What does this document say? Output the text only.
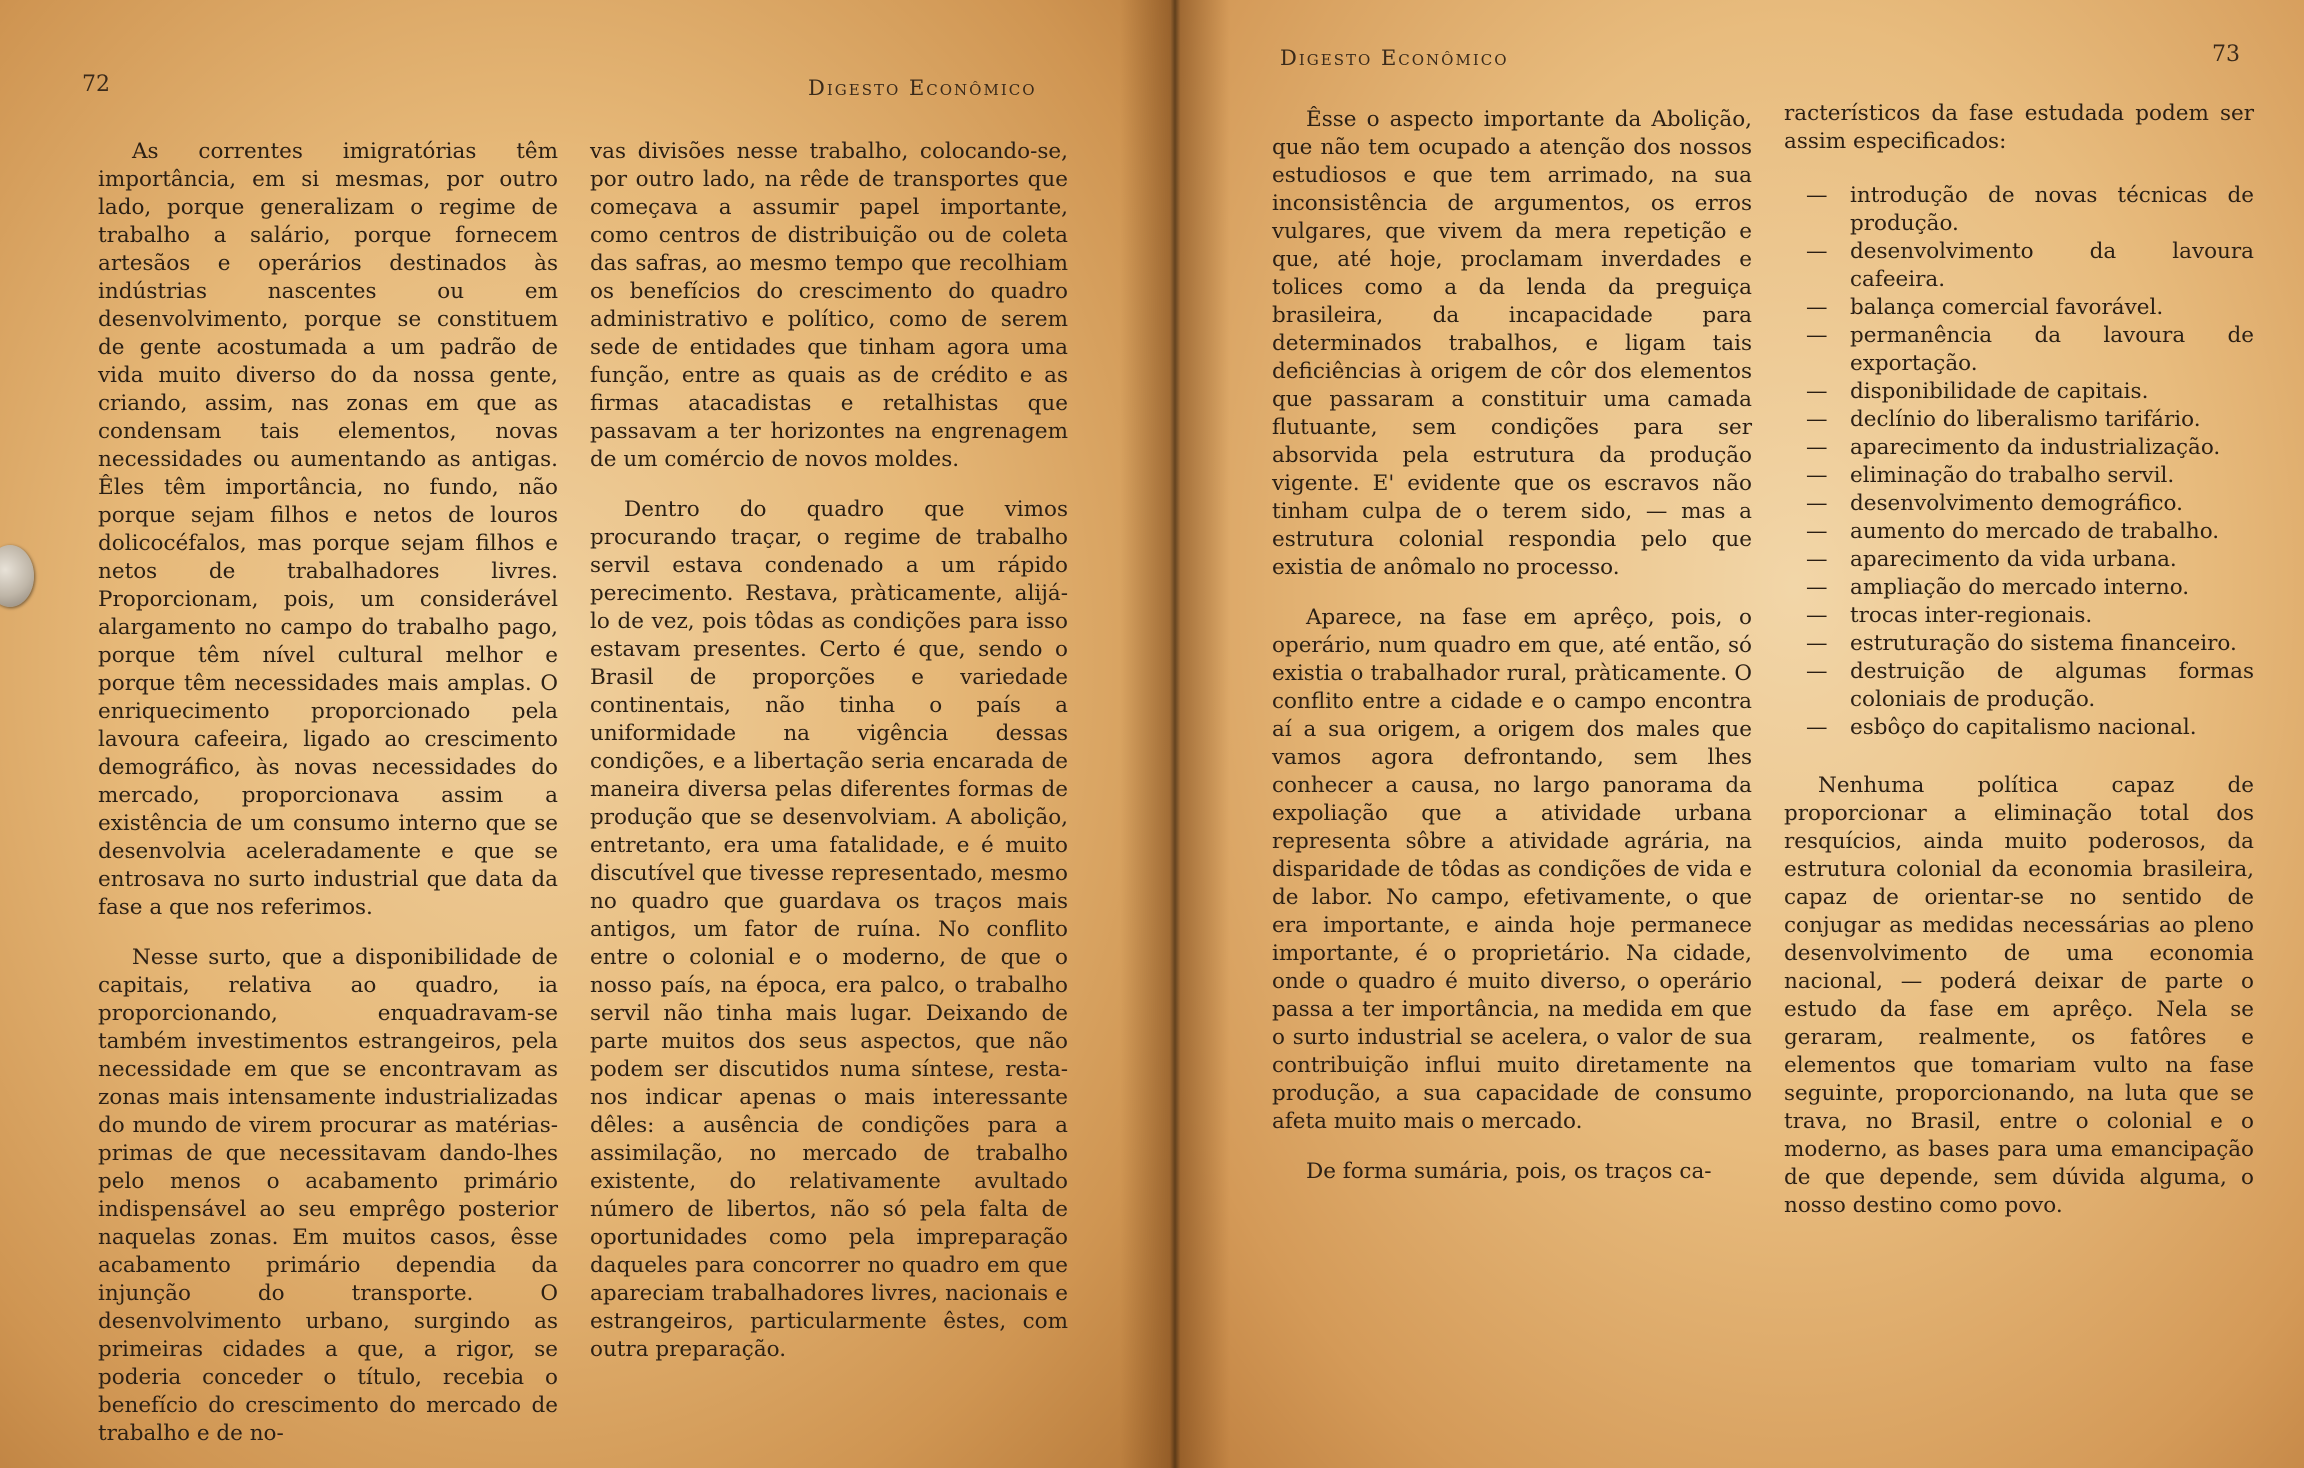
72	Digesto Econômico

As correntes imigratórias têm importância, em si mesmas, por outro lado, porque generalizam o regime de trabalho a salário, porque fornecem artesãos e operários destinados às indústrias nascentes ou em desenvolvimento, porque se constituem de gente acostumada a um padrão de vida muito diverso do da nossa gente, criando, assim, nas zonas em que as condensam tais elementos, novas necessidades ou aumentando as antigas. Êles têm importância, no fundo, não porque sejam filhos e netos de louros dolicocéfalos, mas porque sejam filhos e netos de trabalhadores livres. Proporcionam, pois, um considerável alargamento no campo do trabalho pago, porque têm nível cultural melhor e porque têm necessidades mais amplas. O enriquecimento proporcionado pela lavoura cafeeira, ligado ao crescimento demográfico, às novas necessidades do mercado, proporcionava assim a existência de um consumo interno que se desenvolvia aceleradamente e que se entrosava no surto industrial que data da fase a que nos referimos.

Nesse surto, que a disponibilidade de capitais, relativa ao quadro, ia proporcionando, enquadravam-se também investimentos estrangeiros, pela necessidade em que se encontravam as zonas mais intensamente industrializadas do mundo de virem procurar as matérias-primas de que necessitavam dando-lhes pelo menos o acabamento primário indispensável ao seu emprêgo posterior naquelas zonas. Em muitos casos, êsse acabamento primário dependia da injunção do transporte. O desenvolvimento urbano, surgindo as primeiras cidades a que, a rigor, se poderia conceder o título, recebia o benefício do crescimento do mercado de trabalho e de no-

vas divisões nesse trabalho, colocando-se, por outro lado, na rêde de transportes que começava a assumir papel importante, como centros de distribuição ou de coleta das safras, ao mesmo tempo que recolhiam os benefícios do crescimento do quadro administrativo e político, como de serem sede de entidades que tinham agora uma função, entre as quais as de crédito e as firmas atacadistas e retalhistas que passavam a ter horizontes na engrenagem de um comércio de novos moldes.

Dentro do quadro que vimos procurando traçar, o regime de trabalho servil estava condenado a um rápido perecimento. Restava, pràticamente, alijá-lo de vez, pois tôdas as condições para isso estavam presentes. Certo é que, sendo o Brasil de proporções e variedade continentais, não tinha o país a uniformidade na vigência dessas condições, e a libertação seria encarada de maneira diversa pelas diferentes formas de produção que se desenvolviam. A abolição, entretanto, era uma fatalidade, e é muito discutível que tivesse representado, mesmo no quadro que guardava os traços mais antigos, um fator de ruína. No conflito entre o colonial e o moderno, de que o nosso país, na época, era palco, o trabalho servil não tinha mais lugar. Deixando de parte muitos dos seus aspectos, que não podem ser discutidos numa síntese, resta-nos indicar apenas o mais interessante dêles: a ausência de condições para a assimilação, no mercado de trabalho existente, do relativamente avultado número de libertos, não só pela falta de oportunidades como pela impreparação daqueles para concorrer no quadro em que apareciam trabalhadores livres, nacionais e estrangeiros, particularmente êstes, com outra preparação.

Digesto Econômico	73

Êsse o aspecto importante da Abolição, que não tem ocupado a atenção dos nossos estudiosos e que tem arrimado, na sua inconsistência de argumentos, os erros vulgares, que vivem da mera repetição e que, até hoje, proclamam inverdades e tolices como a da lenda da preguiça brasileira, da incapacidade para determinados trabalhos, e ligam tais deficiências à origem de côr dos elementos que passaram a constituir uma camada flutuante, sem condições para ser absorvida pela estrutura da produção vigente. E' evidente que os escravos não tinham culpa de o terem sido, — mas a estrutura colonial respondia pelo que existia de anômalo no processo.

Aparece, na fase em aprêço, pois, o operário, num quadro em que, até então, só existia o trabalhador rural, pràticamente. O conflito entre a cidade e o campo encontra aí a sua origem, a origem dos males que vamos agora defrontando, sem lhes conhecer a causa, no largo panorama da expoliação que a atividade urbana representa sôbre a atividade agrária, na disparidade de tôdas as condições de vida e de labor. No campo, efetivamente, o que era importante, e ainda hoje permanece importante, é o proprietário. Na cidade, onde o quadro é muito diverso, o operário passa a ter importância, na medida em que o surto industrial se acelera, o valor de sua contribuição influi muito diretamente na produção, a sua capacidade de consumo afeta muito mais o mercado.

De forma sumária, pois, os traços ca-

racterísticos da fase estudada podem ser assim especificados:

— introdução de novas técnicas de produção.
— desenvolvimento da lavoura cafeeira.
— balança comercial favorável.
— permanência da lavoura de exportação.
— disponibilidade de capitais.
— declínio do liberalismo tarifário.
— aparecimento da industrialização.
— eliminação do trabalho servil.
— desenvolvimento demográfico.
— aumento do mercado de trabalho.
— aparecimento da vida urbana.
— ampliação do mercado interno.
— trocas inter-regionais.
— estruturação do sistema financeiro.
— destruição de algumas formas coloniais de produção.
— esbôço do capitalismo nacional.

Nenhuma política capaz de proporcionar a eliminação total dos resquícios, ainda muito poderosos, da estrutura colonial da economia brasileira, capaz de orientar-se no sentido de conjugar as medidas necessárias ao pleno desenvolvimento de uma economia nacional, — poderá deixar de parte o estudo da fase em aprêço. Nela se geraram, realmente, os fatôres e elementos que tomariam vulto na fase seguinte, proporcionando, na luta que se trava, no Brasil, entre o colonial e o moderno, as bases para uma emancipação de que depende, sem dúvida alguma, o nosso destino como povo.
